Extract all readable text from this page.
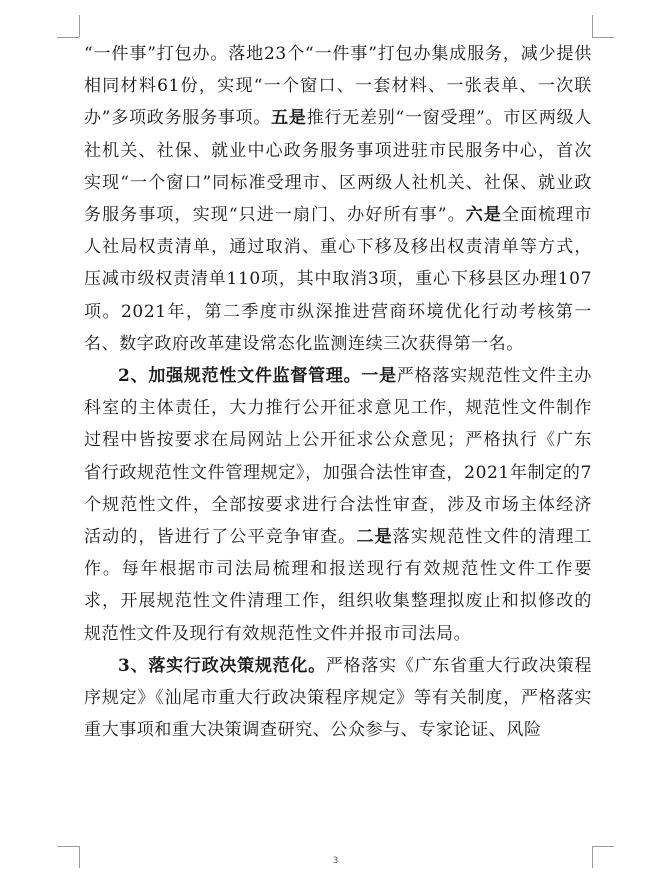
“一件事”打包办。落地23个“一件事”打包办集成服务，减少提供相同材料61份，实现“一个窗口、一套材料、一张表单、一次联办”多项政务服务事项。五是推行无差别“一窗受理”。市区两级人社机关、社保、就业中心政务服务事项进驻市民服务中心，首次实现“一个窗口”同标准受理市、区两级人社机关、社保、就业政务服务事项，实现“只进一扇门、办好所有事”。六是全面梳理市人社局权责清单，通过取消、重心下移及移出权责清单等方式，压减市级权责清单110项，其中取消3项，重心下移县区办理107项。2021年，第二季度市纵深推进营商环境优化行动考核第一名、数字政府改革建设常态化监测连续三次获得第一名。

2、加强规范性文件监督管理。一是严格落实规范性文件主办科室的主体责任，大力推行公开征求意见工作，规范性文件制作过程中皆按要求在局网站上公开征求公众意见；严格执行《广东省行政规范性文件管理规定》，加强合法性审查，2021年制定的7个规范性文件，全部按要求进行合法性审查，涉及市场主体经济活动的，皆进行了公平竞争审查。二是落实规范性文件的清理工作。每年根据市司法局梳理和报送现行有效规范性文件工作要求，开展规范性文件清理工作，组织收集整理拟废止和拟修改的规范性文件及现行有效规范性文件并报市司法局。

3、落实行政决策规范化。严格落实《广东省重大行政决策程序规定》《汕尾市重大行政决策程序规定》等有关制度，严格落实重大事项和重大决策调查研究、公众参与、专家论证、风险

3
